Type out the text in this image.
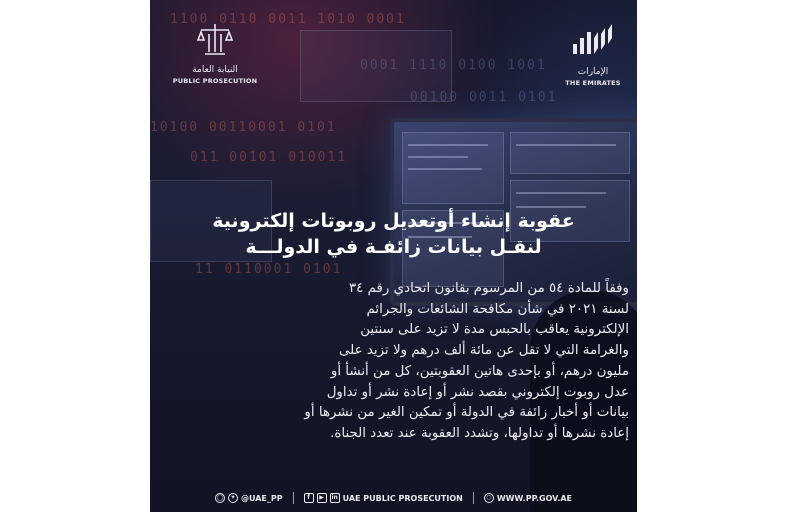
1100 0110 0011 1010 0001
10100 00110001 0101
011 00101 010011
11 0110001 0101
0001 1110 0100 1001
00100 0011 0101
النيابة العامة
PUBLIC PROSECUTION
الإمارات
THE EMIRATES
عقوبة إنشاء أوتعديل روبوتات إلكترونية
لنقـل بيانات زائفـة في الدولـــة
وفقاً للمادة ٥٤ من المرسوم بقانون اتحادي رقم ٣٤
لسنة ٢٠٢١ في شأن مكافحة الشائعات والجرائم
الإلكترونية يعاقب بالحبس مدة لا تزيد على سنتين
والغرامة التي لا تقل عن مائة ألف درهم ولا تزيد على
مليون درهم، أو بإحدى هاتين العقوبتين، كل من أنشأ أو
عدل روبوت إلكتروني بقصد نشر أو إعادة نشر أو تداول
بيانات أو أخبار زائفة في الدولة أو تمكين الغير من نشرها أو
إعادة نشرها أو تداولها، وتشدد العقوبة عند تعدد الجناة.
◯	✦ @UAE_PP	f	▶	in UAE PUBLIC PROSECUTION	○ WWW.PP.GOV.AE
